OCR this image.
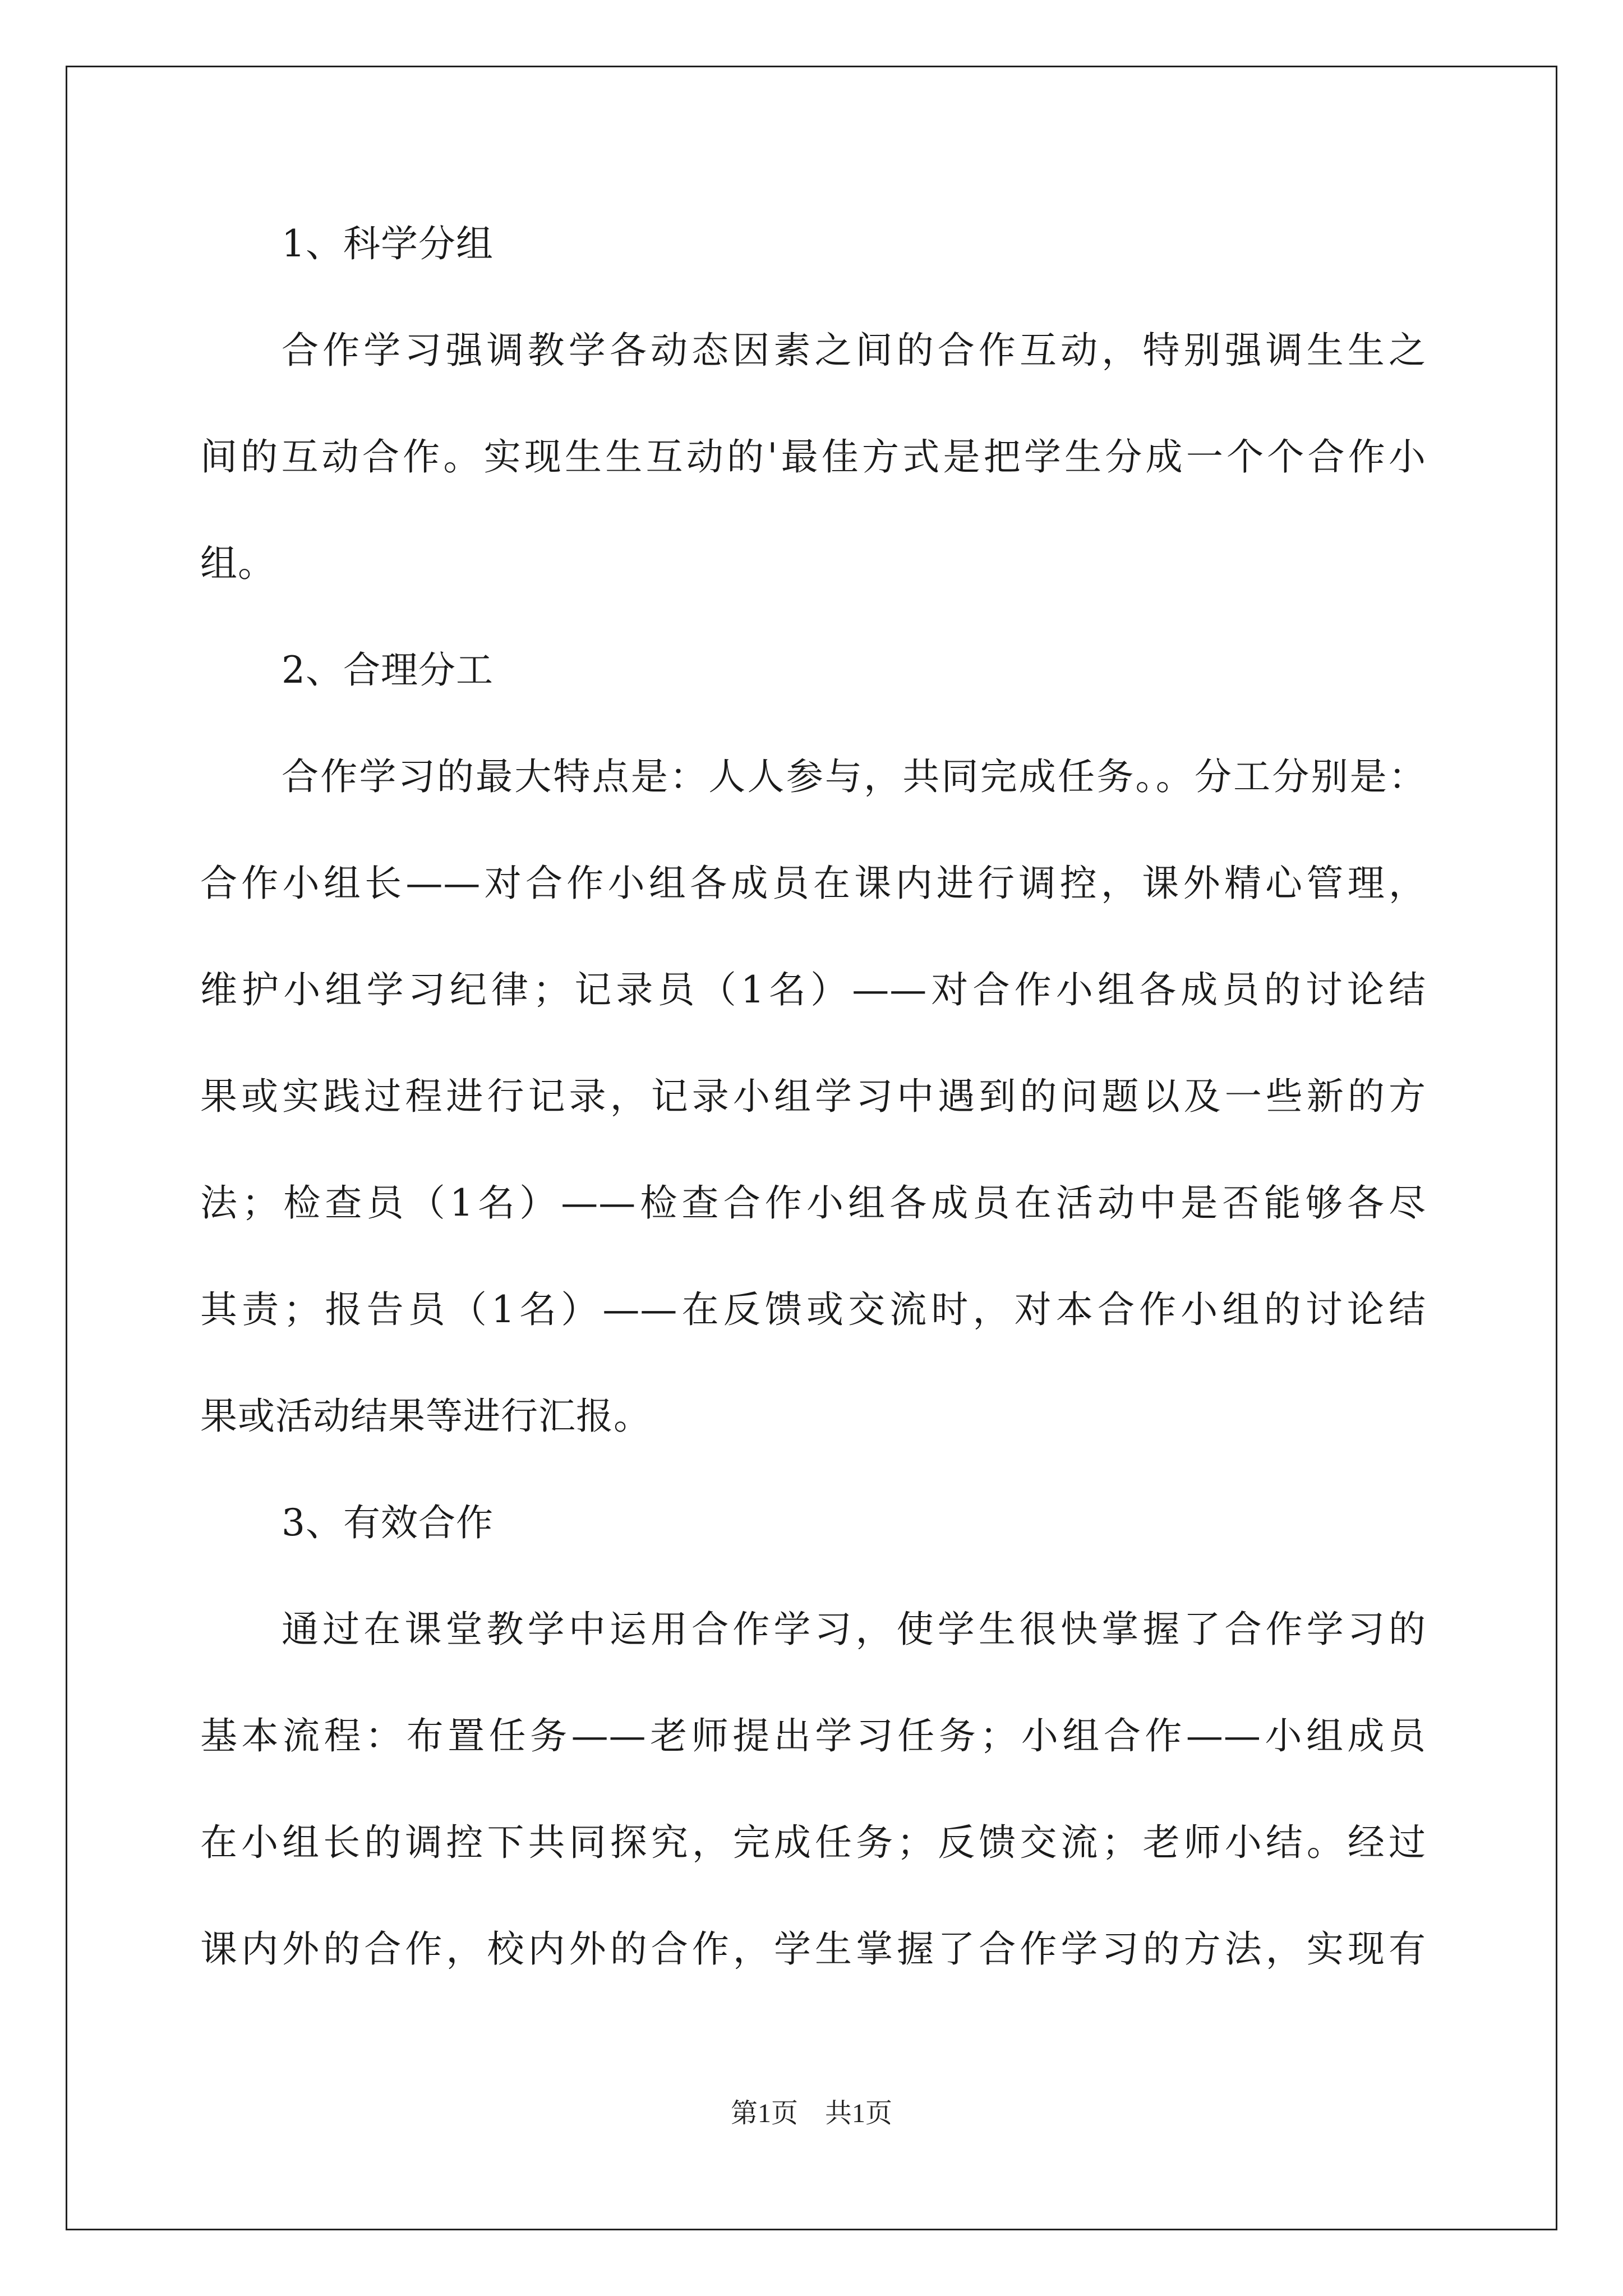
1、科学分组
合作学习强调教学各动态因素之间的合作互动，特别强调生生之
间的互动合作。实现生生互动的'最佳方式是把学生分成一个个合作小
组。
2、合理分工
合作学习的最大特点是：人人参与，共同完成任务。。分工分别是：
合作小组长——对合作小组各成员在课内进行调控，课外精心管理，
维护小组学习纪律；记录员（1名）——对合作小组各成员的讨论结
果或实践过程进行记录，记录小组学习中遇到的问题以及一些新的方
法；检查员（1名）——检查合作小组各成员在活动中是否能够各尽
其责；报告员（1名）——在反馈或交流时，对本合作小组的讨论结
果或活动结果等进行汇报。
3、有效合作
通过在课堂教学中运用合作学习，使学生很快掌握了合作学习的
基本流程：布置任务——老师提出学习任务；小组合作——小组成员
在小组长的调控下共同探究，完成任务；反馈交流；老师小结。经过
课内外的合作，校内外的合作，学生掌握了合作学习的方法，实现有
第1页 共1页
